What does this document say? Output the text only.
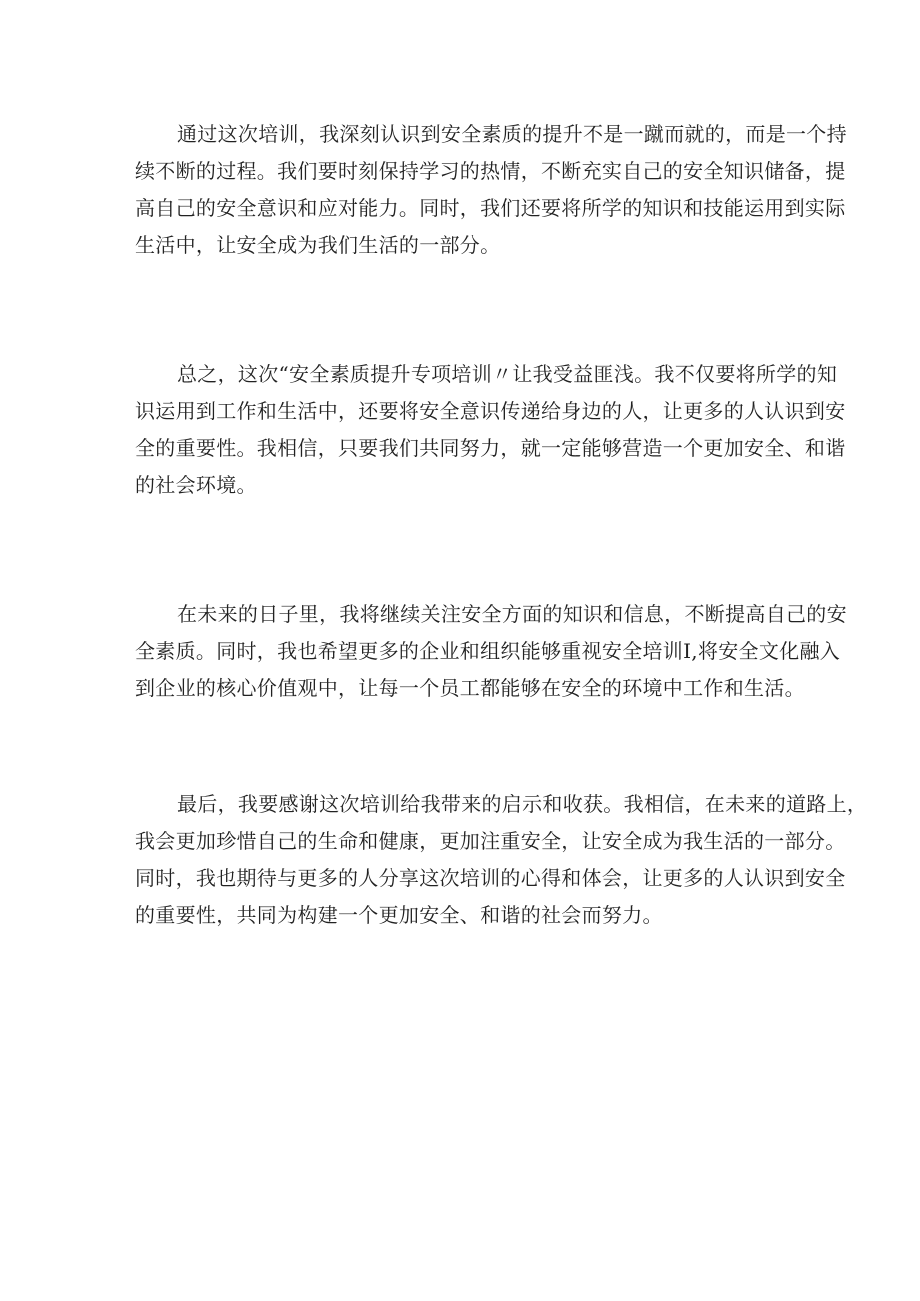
通过这次培训，我深刻认识到安全素质的提升不是一蹴而就的，而是一个持
续不断的过程。我们要时刻保持学习的热情，不断充实自己的安全知识储备，提
高自己的安全意识和应对能力。同时，我们还要将所学的知识和技能运用到实际
生活中，让安全成为我们生活的一部分。
总之，这次“安全素质提升专项培训〃让我受益匪浅。我不仅要将所学的知
识运用到工作和生活中，还要将安全意识传递给身边的人，让更多的人认识到安
全的重要性。我相信，只要我们共同努力，就一定能够营造一个更加安全、和谐
的社会环境。
在未来的日子里，我将继续关注安全方面的知识和信息，不断提高自己的安
全素质。同时，我也希望更多的企业和组织能够重视安全培训I,将安全文化融入
到企业的核心价值观中，让每一个员工都能够在安全的环境中工作和生活。
最后，我要感谢这次培训给我带来的启示和收获。我相信，在未来的道路上，
我会更加珍惜自己的生命和健康，更加注重安全，让安全成为我生活的一部分。
同时，我也期待与更多的人分享这次培训的心得和体会，让更多的人认识到安全
的重要性，共同为构建一个更加安全、和谐的社会而努力。
